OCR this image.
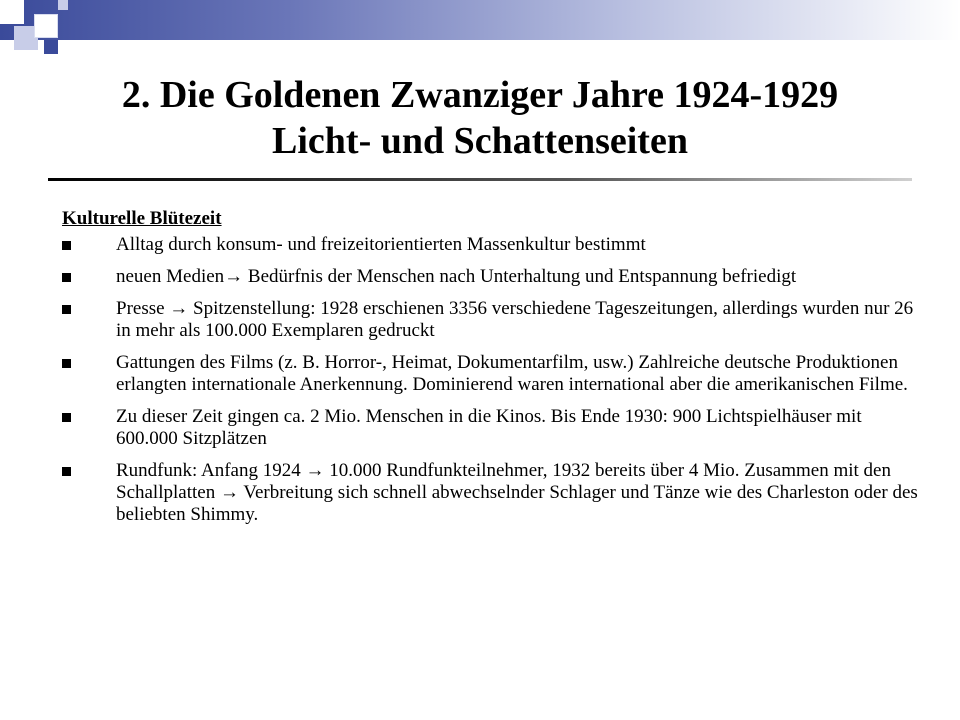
2. Die Goldenen Zwanziger Jahre 1924-1929
Licht- und Schattenseiten
Kulturelle Blütezeit
Alltag durch konsum- und freizeitorientierten Massenkultur bestimmt
neuen Medien→ Bedürfnis der Menschen nach Unterhaltung und Entspannung befriedigt
Presse → Spitzenstellung: 1928 erschienen 3356 verschiedene Tageszeitungen, allerdings wurden nur 26 in mehr als 100.000 Exemplaren gedruckt
Gattungen des Films (z. B. Horror-, Heimat, Dokumentarfilm, usw.) Zahlreiche deutsche Produktionen erlangten internationale Anerkennung. Dominierend waren international aber die amerikanischen Filme.
Zu dieser Zeit gingen ca. 2 Mio. Menschen in die Kinos. Bis Ende 1930: 900 Lichtspielhäuser mit 600.000 Sitzplätzen
Rundfunk: Anfang 1924 → 10.000 Rundfunkteilnehmer, 1932 bereits über 4 Mio. Zusammen mit den Schallplatten → Verbreitung sich schnell abwechselnder Schlager und Tänze wie des Charleston oder des beliebten Shimmy.
